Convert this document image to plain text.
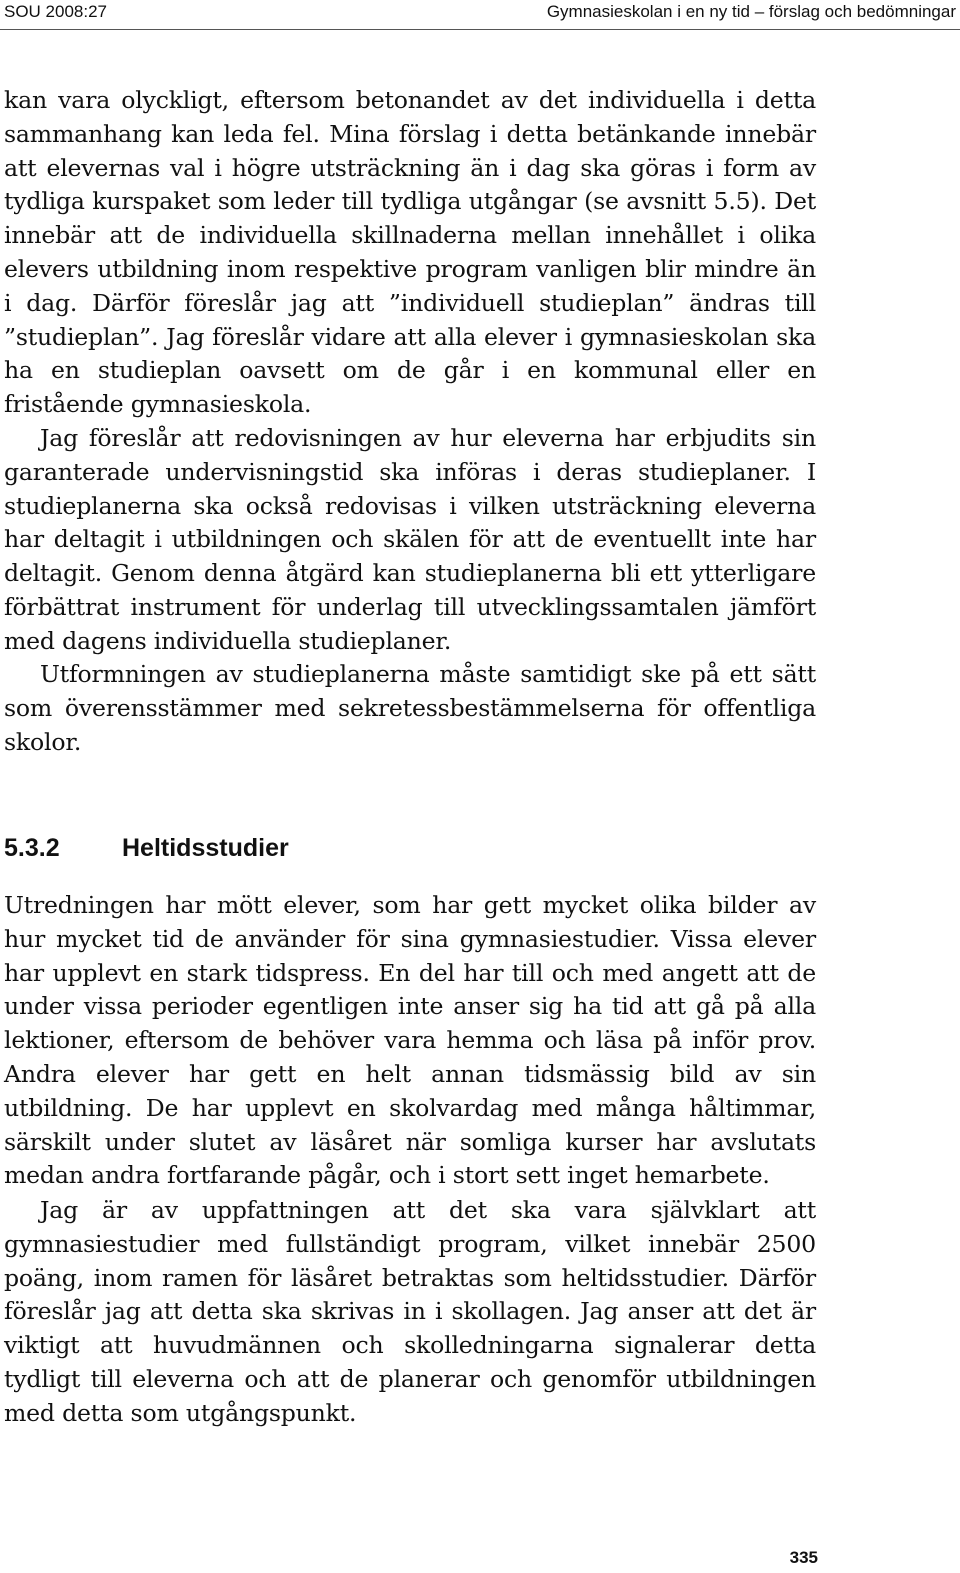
SOU 2008:27	Gymnasieskolan i en ny tid – förslag och bedömningar

kan vara olyckligt, eftersom betonandet av det individuella i detta sammanhang kan leda fel. Mina förslag i detta betänkande innebär att elevernas val i högre utsträckning än i dag ska göras i form av tydliga kurspaket som leder till tydliga utgångar (se avsnitt 5.5). Det innebär att de individuella skillnaderna mellan innehållet i olika elevers utbildning inom respektive program vanligen blir mindre än i dag. Därför föreslår jag att ”individuell studieplan” ändras till ”studieplan”. Jag föreslår vidare att alla elever i gymnasieskolan ska ha en studieplan oavsett om de går i en kommunal eller en fristående gymnasieskola.

Jag föreslår att redovisningen av hur eleverna har erbjudits sin garanterade undervisningstid ska införas i deras studieplaner. I studieplanerna ska också redovisas i vilken utsträckning eleverna har deltagit i utbildningen och skälen för att de eventuellt inte har deltagit. Genom denna åtgärd kan studieplanerna bli ett ytterligare förbättrat instrument för underlag till utvecklingssamtalen jämfört med dagens individuella studieplaner.

Utformningen av studieplanerna måste samtidigt ske på ett sätt som överensstämmer med sekretessbestämmelserna för offentliga skolor.

5.3.2 Heltidsstudier

Utredningen har mött elever, som har gett mycket olika bilder av hur mycket tid de använder för sina gymnasiestudier. Vissa elever har upplevt en stark tidspress. En del har till och med angett att de under vissa perioder egentligen inte anser sig ha tid att gå på alla lektioner, eftersom de behöver vara hemma och läsa på inför prov. Andra elever har gett en helt annan tidsmässig bild av sin utbildning. De har upplevt en skolvardag med många håltimmar, särskilt under slutet av läsåret när somliga kurser har avslutats medan andra fortfarande pågår, och i stort sett inget hemarbete.

Jag är av uppfattningen att det ska vara självklart att gymnasiestudier med fullständigt program, vilket innebär 2500 poäng, inom ramen för läsåret betraktas som heltidsstudier. Därför föreslår jag att detta ska skrivas in i skollagen. Jag anser att det är viktigt att huvudmännen och skolledningarna signalerar detta tydligt till eleverna och att de planerar och genomför utbildningen med detta som utgångspunkt.

335
